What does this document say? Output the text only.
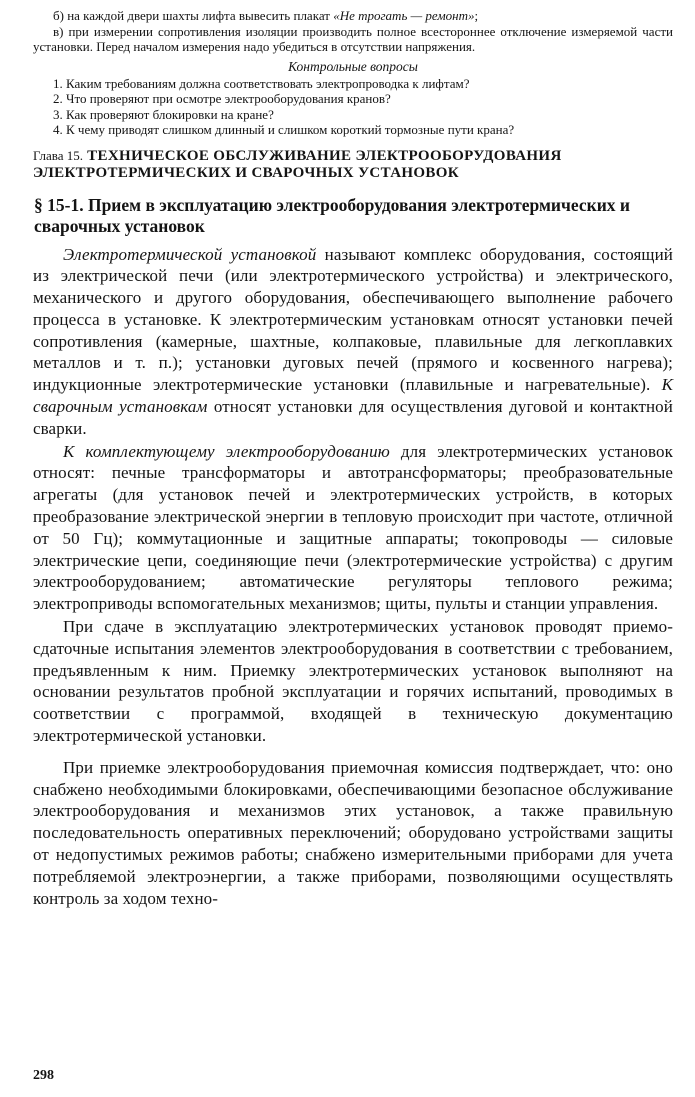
б) на каждой двери шахты лифта вывесить плакат «Не трогать — ремонт»;

в) при измерении сопротивления изоляции производить полное всестороннее отключение измеряемой части установки. Перед началом измерения надо убедиться в отсутствии напряжения.

Контрольные вопросы
1. Каким требованиям должна соответствовать электропроводка к лифтам?
2. Что проверяют при осмотре электрооборудования кранов?
3. Как проверяют блокировки на кране?
4. К чему приводят слишком длинный и слишком короткий тормозные пути крана?
Глава 15. ТЕХНИЧЕСКОЕ ОБСЛУЖИВАНИЕ ЭЛЕКТРООБОРУДОВАНИЯ ЭЛЕКТРОТЕРМИЧЕСКИХ И СВАРОЧНЫХ УСТАНОВОК
§ 15-1. Прием в эксплуатацию электрооборудования электротермических и сварочных установок

Электротермической установкой называют комплекс оборудования, состоящий из электрической печи (или электротермического устройства) и электрического, механического и другого оборудования, обеспечивающего выполнение рабочего процесса в установке. К электротермическим установкам относят установки печей сопротивления (камерные, шахтные, колпаковые, плавильные для легкоплавких металлов и т. п.); установки дуговых печей (прямого и косвенного нагрева); индукционные электротермические установки (плавильные и нагревательные). К сварочным установкам относят установки для осуществления дуговой и контактной сварки.

К комплектующему электрооборудованию для электротермических установок относят: печные трансформаторы и автотрансформаторы; преобразовательные агрегаты (для установок печей и электротермических устройств, в которых преобразование электрической энергии в тепловую происходит при частоте, отличной от 50 Гц); коммутационные и защитные аппараты; токопроводы — силовые электрические цепи, соединяющие печи (электротермические устройства) с другим электрооборудованием; автоматические регуляторы теплового режима; электроприводы вспомогательных механизмов; щиты, пульты и станции управления.

При сдаче в эксплуатацию электротермических установок проводят приемо-сдаточные испытания элементов электрооборудования в соответствии с требованием, предъявленным к ним. Приемку электротермических установок выполняют на основании результатов пробной эксплуатации и горячих испытаний, проводимых в соответствии с программой, входящей в техническую документацию электротермической установки.

При приемке электрооборудования приемочная комиссия подтверждает, что: оно снабжено необходимыми блокировками, обеспечивающими безопасное обслуживание электрооборудования и механизмов этих установок, а также правильную последовательность оперативных переключений; оборудовано устройствами защиты от недопустимых режимов работы; снабжено измерительными приборами для учета потребляемой электроэнергии, а также приборами, позволяющими осуществлять контроль за ходом техно-

298
